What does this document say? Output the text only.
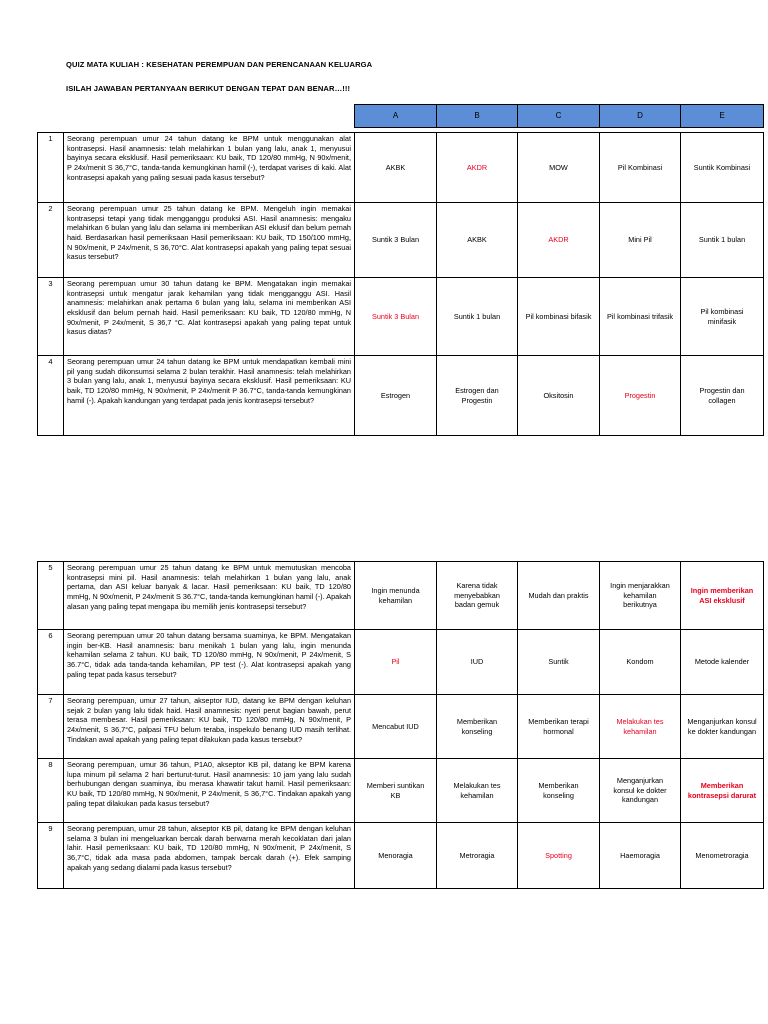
QUIZ MATA KULIAH : KESEHATAN PEREMPUAN DAN PERENCANAAN KELUARGA
ISILAH JAWABAN PERTANYAAN BERIKUT DENGAN TEPAT DAN BENAR…!!!
		A	B	C	D	E

1	Seorang perempuan umur 24 tahun datang ke BPM untuk menggunakan alat kontrasepsi. Hasil anamnesis: telah melahirkan 1 bulan yang lalu, anak 1, menyusui bayinya secara eksklusif. Hasil pemeriksaan: KU baik, TD 120/80 mmHg, N 90x/menit, P 24x/menit S 36,7°C, tanda-tanda kemungkinan hamil (-), terdapat varises di kaki. Alat kontrasepsi apakah yang paling sesuai pada kasus tersebut?	AKBK	AKDR	MOW	Pil Kombinasi	Suntik Kombinasi
2	Seorang perempuan umur 25 tahun datang ke BPM. Mengeluh ingin memakai kontrasepsi tetapi yang tidak mengganggu produksi ASI. Hasil anamnesis: mengaku melahirkan 6 bulan yang lalu dan selama ini memberikan ASI eklusif dan belum pernah haid. Berdasarkan hasil pemeriksaan Hasil pemeriksaan: KU baik, TD 150/100 mmHg, N 90x/menit, P 24x/menit, S 36,70°C. Alat kontrasepsi apakah yang paling tepat sesuai kasus tersebut?	Suntik 3 Bulan	AKBK	AKDR	Mini Pil	Suntik 1 bulan
3	Seorang perempuan umur 30 tahun datang ke BPM. Mengatakan ingin memakai kontrasepsi untuk mengatur jarak kehamilan yang tidak mengganggu ASI. Hasil anamnesis: melahirkan anak pertama 6 bulan yang lalu, selama ini memberikan ASI eksklusif dan belum pernah haid. Hasil pemeriksaan: KU baik, TD 120/80 mmHg, N 90x/menit, P 24x/menit, S 36,7 °C. Alat kontrasepsi apakah yang paling tepat untuk kasus diatas?	Suntik 3 Bulan	Suntik 1 bulan	Pil kombinasi bifasik	Pil kombinasi trifasik	Pil kombinasi minifasik
4	Seorang perempuan umur 24 tahun datang ke BPM untuk mendapatkan kembali mini pil yang sudah dikonsumsi selama 2 bulan terakhir. Hasil anamnesis: telah melahirkan 3 bulan yang lalu, anak 1, menyusui bayinya secara eksklusif. Hasil pemeriksaan: KU baik, TD 120/80 mmHg, N 90x/menit, P 24x/menit P 36.7°C, tanda-tanda kemungkinan hamil (-). Apakah kandungan yang terdapat pada jenis kontrasepsi tersebut?	Estrogen	Estrogen dan Progestin	Oksitosin	Progestin	Progestin dan collagen
5	Seorang perempuan umur 25 tahun datang ke BPM untuk memutuskan mencoba kontrasepsi mini pil. Hasil anamnesis: telah melahirkan 1 bulan yang lalu, anak pertama, dan ASI keluar banyak & lacar. Hasil pemeriksaan: KU baik, TD 120/80 mmHg, N 90x/menit, P 24x/menit S 36.7°C, tanda-tanda kemungkinan hamil (-). Apakah alasan yang paling tepat mengapa ibu memilih jenis kontrasepsi tersebut?	Ingin menunda kehamilan	Karena tidak menyebabkan badan gemuk	Mudah dan praktis	Ingin menjarakkan kehamilan berikutnya	Ingin memberikan ASI eksklusif
6	Seorang perempuan umur 20 tahun datang bersama suaminya, ke BPM. Mengatakan ingin ber-KB. Hasil anamnesis: baru menikah 1 bulan yang lalu, ingin menunda kehamilan selama 2 tahun. KU baik, TD 120/80 mmHg, N 90x/menit, P 24x/menit, S 36.7°C, tidak ada tanda-tanda kehamilan, PP test (-). Alat kontrasepsi apakah yang paling tepat pada kasus tersebut?	Pil	IUD	Suntik	Kondom	Metode kalender
7	Seorang perempuan, umur 27 tahun, akseptor IUD, datang ke BPM dengan keluhan sejak 2 bulan yang lalu tidak haid. Hasil anamnesis: nyeri perut bagian bawah, perut terasa membesar. Hasil pemeriksaan: KU baik, TD 120/80 mmHg, N 90x/menit, P 24x/menit, S 36,7°C, palpasi TFU belum teraba, inspekulo benang IUD masih terlihat. Tindakan awal apakah yang paling tepat dilakukan pada kasus tersebut?	Mencabut IUD	Memberikan konseling	Memberikan terapi hormonal	Melakukan tes kehamilan	Menganjurkan konsul ke dokter kandungan
8	Seorang perempuan, umur 36 tahun, P1A0, akseptor KB pil, datang ke BPM karena lupa minum pil selama 2 hari berturut-turut. Hasil anamnesis: 10 jam yang lalu sudah berhubungan dengan suaminya, ibu merasa khawatir takut hamil. Hasil pemeriksaan: KU baik, TD 120/80 mmHg, N 90x/menit, P 24x/menit, S 36,7°C. Tindakan apakah yang paling tepat dilakukan pada kasus tersebut?	Memberi suntikan KB	Melakukan tes kehamilan	Memberikan konseling	Menganjurkan konsul ke dokter kandungan	Memberikan kontrasepsi darurat
9	Seorang perempuan, umur 28 tahun, akseptor KB pil, datang ke BPM dengan keluhan selama 3 bulan ini mengeluarkan bercak darah berwarna merah kecoklatan dari jalan lahir. Hasil pemeriksaan: KU baik, TD 120/80 mmHg, N 90x/menit, P 24x/menit, S 36,7°C, tidak ada masa pada abdomen, tampak bercak darah (+). Efek samping apakah yang sedang dialami pada kasus tersebut?	Menoragia	Metroragia	Spotting	Haemoragia	Menometroragia
